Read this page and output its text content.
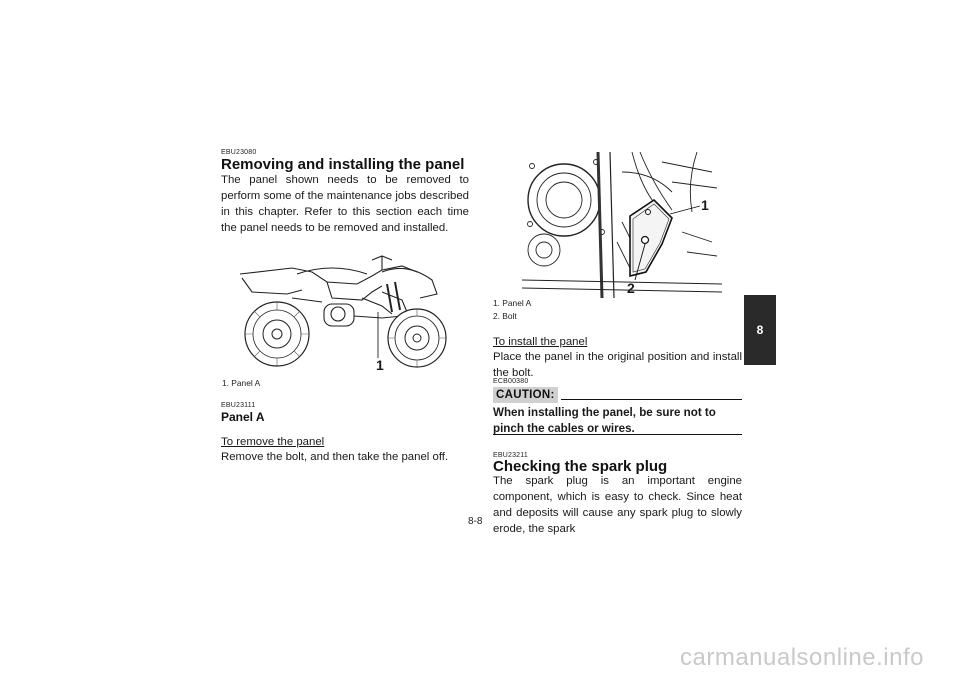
EBU23080
Removing and installing the panel
The panel shown needs to be removed to perform some of the maintenance jobs described in this chapter. Refer to this section each time the panel needs to be removed and installed.
1
1. Panel A
EBU23111
Panel A
To remove the panel
Remove the bolt, and then take the panel off.
1
2
1. Panel A
2. Bolt
To install the panel
Place the panel in the original position and install the bolt.
ECB00380
CAUTION:
When installing the panel, be sure not to pinch the cables or wires.
EBU23211
Checking the spark plug
The spark plug is an important engine component, which is easy to check. Since heat and deposits will cause any spark plug to slowly erode, the spark
8-8
8
carmanualsonline.info
